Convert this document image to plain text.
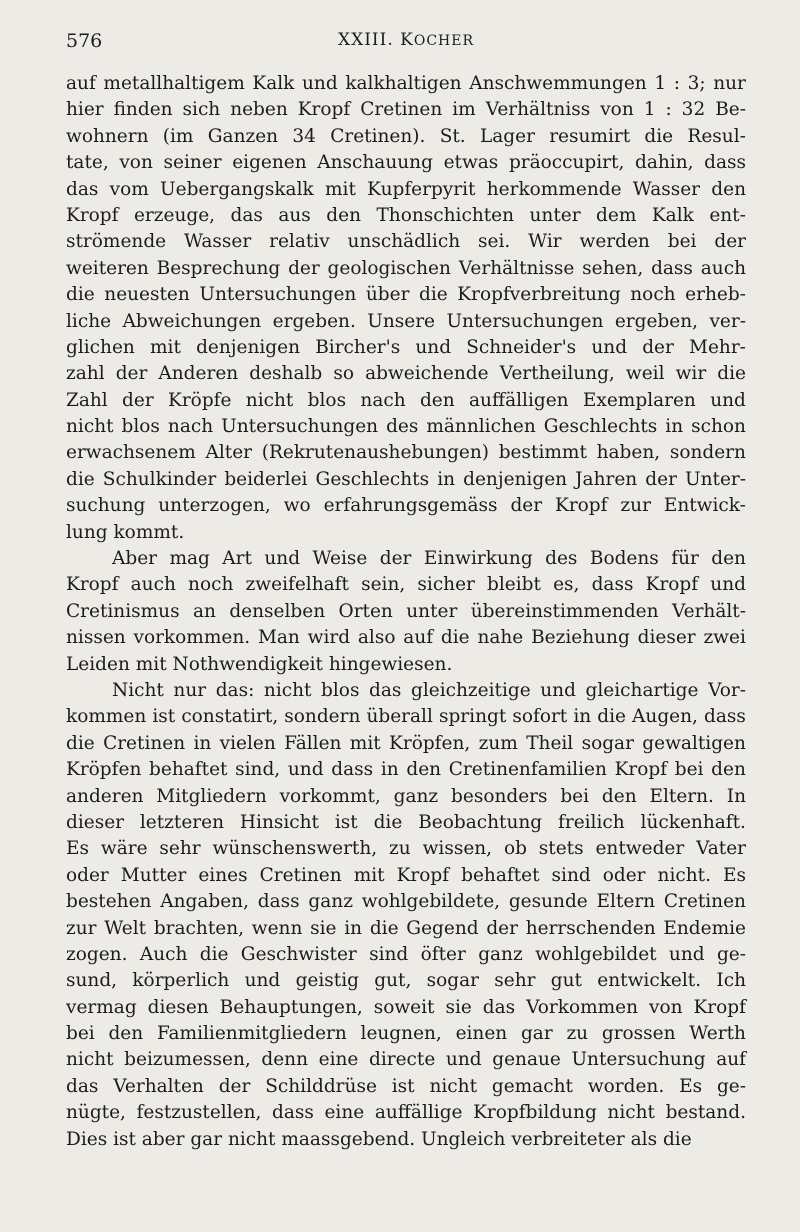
576	XXIII. KOCHER
auf metallhaltigem Kalk und kalkhaltigen Anschwemmungen 1 : 3; nur
hier finden sich neben Kropf Cretinen im Verhältniss von 1 : 32 Be-
wohnern (im Ganzen 34 Cretinen). St. Lager resumirt die Resul-
tate, von seiner eigenen Anschauung etwas präoccupirt, dahin, dass
das vom Uebergangskalk mit Kupferpyrit herkommende Wasser den
Kropf erzeuge, das aus den Thonschichten unter dem Kalk ent-
strömende Wasser relativ unschädlich sei. Wir werden bei der
weiteren Besprechung der geologischen Verhältnisse sehen, dass auch
die neuesten Untersuchungen über die Kropfverbreitung noch erheb-
liche Abweichungen ergeben. Unsere Untersuchungen ergeben, ver-
glichen mit denjenigen Bircher's und Schneider's und der Mehr-
zahl der Anderen deshalb so abweichende Vertheilung, weil wir die
Zahl der Kröpfe nicht blos nach den auffälligen Exemplaren und
nicht blos nach Untersuchungen des männlichen Geschlechts in schon
erwachsenem Alter (Rekrutenaushebungen) bestimmt haben, sondern
die Schulkinder beiderlei Geschlechts in denjenigen Jahren der Unter-
suchung unterzogen, wo erfahrungsgemäss der Kropf zur Entwick-
lung kommt.
Aber mag Art und Weise der Einwirkung des Bodens für den
Kropf auch noch zweifelhaft sein, sicher bleibt es, dass Kropf und
Cretinismus an denselben Orten unter übereinstimmenden Verhält-
nissen vorkommen. Man wird also auf die nahe Beziehung dieser zwei
Leiden mit Nothwendigkeit hingewiesen.
Nicht nur das: nicht blos das gleichzeitige und gleichartige Vor-
kommen ist constatirt, sondern überall springt sofort in die Augen, dass
die Cretinen in vielen Fällen mit Kröpfen, zum Theil sogar gewaltigen
Kröpfen behaftet sind, und dass in den Cretinenfamilien Kropf bei den
anderen Mitgliedern vorkommt, ganz besonders bei den Eltern. In
dieser letzteren Hinsicht ist die Beobachtung freilich lückenhaft.
Es wäre sehr wünschenswerth, zu wissen, ob stets entweder Vater
oder Mutter eines Cretinen mit Kropf behaftet sind oder nicht. Es
bestehen Angaben, dass ganz wohlgebildete, gesunde Eltern Cretinen
zur Welt brachten, wenn sie in die Gegend der herrschenden Endemie
zogen. Auch die Geschwister sind öfter ganz wohlgebildet und ge-
sund, körperlich und geistig gut, sogar sehr gut entwickelt. Ich
vermag diesen Behauptungen, soweit sie das Vorkommen von Kropf
bei den Familienmitgliedern leugnen, einen gar zu grossen Werth
nicht beizumessen, denn eine directe und genaue Untersuchung auf
das Verhalten der Schilddrüse ist nicht gemacht worden. Es ge-
nügte, festzustellen, dass eine auffällige Kropfbildung nicht bestand.
Dies ist aber gar nicht maassgebend. Ungleich verbreiteter als die
